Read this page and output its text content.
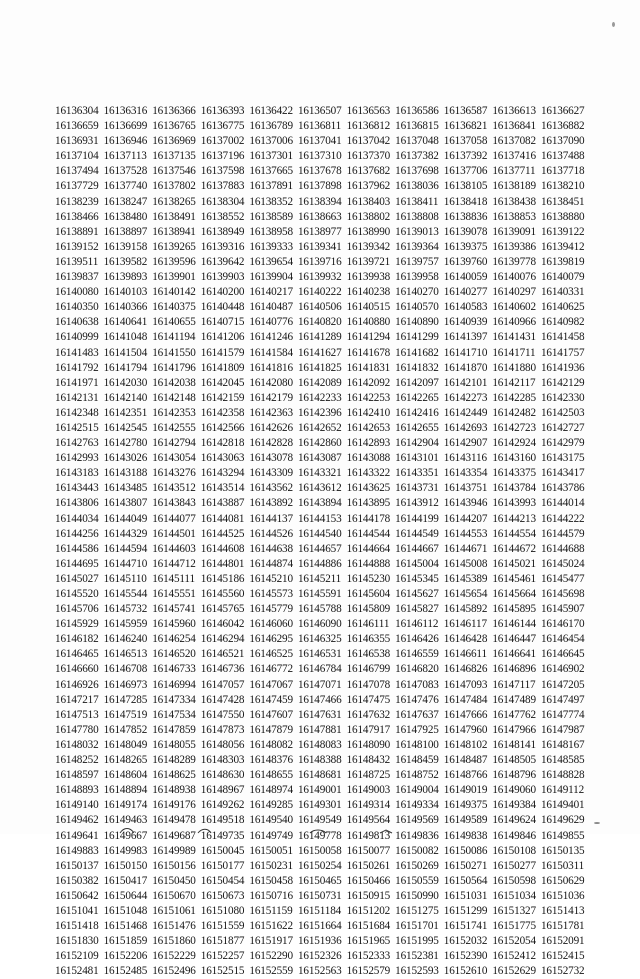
16136304 16136316 16136366 16136393 16136422 16136507 16136563 16136586 16136587 16136613 16136627
16136659 16136699 16136765 16136775 16136789 16136811 16136812 16136815 16136821 16136841 16136882
16136931 16136946 16136969 16137002 16137006 16137041 16137042 16137048 16137058 16137082 16137090
16137104 16137113 16137135 16137196 16137301 16137310 16137370 16137382 16137392 16137416 16137488
16137494 16137528 16137546 16137598 16137665 16137678 16137682 16137698 16137706 16137711 16137718
16137729 16137740 16137802 16137883 16137891 16137898 16137962 16138036 16138105 16138189 16138210
16138239 16138247 16138265 16138304 16138352 16138394 16138403 16138411 16138418 16138438 16138451
16138466 16138480 16138491 16138552 16138589 16138663 16138802 16138808 16138836 16138853 16138880
16138891 16138897 16138941 16138949 16138958 16138977 16138990 16139013 16139078 16139091 16139122
16139152 16139158 16139265 16139316 16139333 16139341 16139342 16139364 16139375 16139386 16139412
16139511 16139582 16139596 16139642 16139654 16139716 16139721 16139757 16139760 16139778 16139819
16139837 16139893 16139901 16139903 16139904 16139932 16139938 16139958 16140059 16140076 16140079
16140080 16140103 16140142 16140200 16140217 16140222 16140238 16140270 16140277 16140297 16140331
16140350 16140366 16140375 16140448 16140487 16140506 16140515 16140570 16140583 16140602 16140625
16140638 16140641 16140655 16140715 16140776 16140820 16140880 16140890 16140939 16140966 16140982
16140999 16141048 16141194 16141206 16141246 16141289 16141294 16141299 16141397 16141431 16141458
16141483 16141504 16141550 16141579 16141584 16141627 16141678 16141682 16141710 16141711 16141757
16141792 16141794 16141796 16141809 16141816 16141825 16141831 16141832 16141870 16141880 16141936
16141971 16142030 16142038 16142045 16142080 16142089 16142092 16142097 16142101 16142117 16142129
16142131 16142140 16142148 16142159 16142179 16142233 16142253 16142265 16142273 16142285 16142330
16142348 16142351 16142353 16142358 16142363 16142396 16142410 16142416 16142449 16142482 16142503
16142515 16142545 16142555 16142566 16142626 16142652 16142653 16142655 16142693 16142723 16142727
16142763 16142780 16142794 16142818 16142828 16142860 16142893 16142904 16142907 16142924 16142979
16142993 16143026 16143054 16143063 16143078 16143087 16143088 16143101 16143116 16143160 16143175
16143183 16143188 16143276 16143294 16143309 16143321 16143322 16143351 16143354 16143375 16143417
16143443 16143485 16143512 16143514 16143562 16143612 16143625 16143731 16143751 16143784 16143786
16143806 16143807 16143843 16143887 16143892 16143894 16143895 16143912 16143946 16143993 16144014
16144034 16144049 16144077 16144081 16144137 16144153 16144178 16144199 16144207 16144213 16144222
16144256 16144329 16144501 16144525 16144526 16144540 16144544 16144549 16144553 16144554 16144579
16144586 16144594 16144603 16144608 16144638 16144657 16144664 16144667 16144671 16144672 16144688
16144695 16144710 16144712 16144801 16144874 16144886 16144888 16145004 16145008 16145021 16145024
16145027 16145110 16145111 16145186 16145210 16145211 16145230 16145345 16145389 16145461 16145477
16145520 16145544 16145551 16145560 16145573 16145591 16145604 16145627 16145654 16145664 16145698
16145706 16145732 16145741 16145765 16145779 16145788 16145809 16145827 16145892 16145895 16145907
16145929 16145959 16145960 16146042 16146060 16146090 16146111 16146112 16146117 16146144 16146170
16146182 16146240 16146254 16146294 16146295 16146325 16146355 16146426 16146428 16146447 16146454
16146465 16146513 16146520 16146521 16146525 16146531 16146538 16146559 16146611 16146641 16146645
16146660 16146708 16146733 16146736 16146772 16146784 16146799 16146820 16146826 16146896 16146902
16146926 16146973 16146994 16147057 16147067 16147071 16147078 16147083 16147093 16147117 16147205
16147217 16147285 16147334 16147428 16147459 16147466 16147475 16147476 16147484 16147489 16147497
16147513 16147519 16147534 16147550 16147607 16147631 16147632 16147637 16147666 16147762 16147774
16147780 16147852 16147859 16147873 16147879 16147881 16147917 16147925 16147960 16147966 16147987
16148032 16148049 16148055 16148056 16148082 16148083 16148090 16148100 16148102 16148141 16148167
16148252 16148265 16148289 16148303 16148376 16148388 16148432 16148459 16148487 16148505 16148585
16148597 16148604 16148625 16148630 16148655 16148681 16148725 16148752 16148766 16148796 16148828
16148893 16148894 16148938 16148967 16148974 16149001 16149003 16149004 16149019 16149060 16149112
16149140 16149174 16149176 16149262 16149285 16149301 16149314 16149334 16149375 16149384 16149401
16149462 16149463 16149478 16149518 16149540 16149549 16149564 16149569 16149589 16149624 16149629
16149641 16149667 16149687 16149735 16149749 16149778 16149813 16149836 16149838 16149846 16149855
16149883 16149983 16149989 16150045 16150051 16150058 16150077 16150082 16150086 16150108 16150135
16150137 16150150 16150156 16150177 16150231 16150254 16150261 16150269 16150271 16150277 16150311
16150382 16150417 16150450 16150454 16150458 16150465 16150466 16150559 16150564 16150598 16150629
16150642 16150644 16150670 16150673 16150716 16150731 16150915 16150990 16151031 16151034 16151036
16151041 16151048 16151061 16151080 16151159 16151184 16151202 16151275 16151299 16151327 16151413
16151418 16151468 16151476 16151559 16151622 16151664 16151684 16151701 16151741 16151775 16151781
16151830 16151859 16151860 16151877 16151917 16151936 16151965 16151995 16152032 16152054 16152091
16152109 16152206 16152229 16152257 16152290 16152326 16152333 16152381 16152390 16152412 16152415
16152481 16152485 16152496 16152515 16152559 16152563 16152579 16152593 16152610 16152629 16152732
